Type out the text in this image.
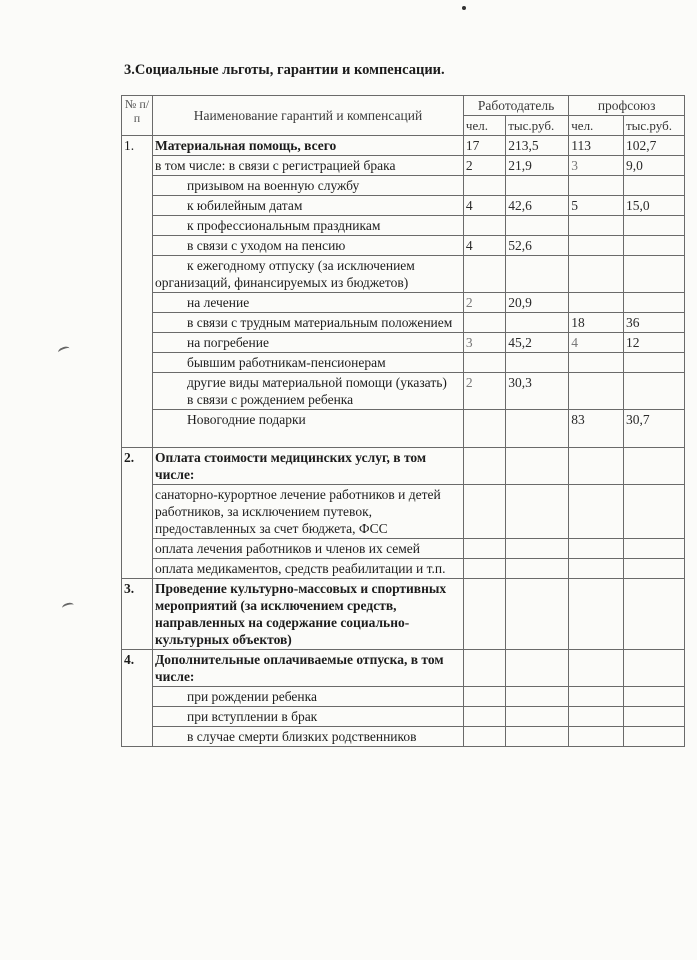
3.Социальные льготы, гарантии и компенсации.
№ п/п	Наименование гарантий и компенсаций	Работодатель		профсоюз	
		чел.	тыс.руб.	чел.	тыс.руб.
1.	Материальная помощь, всего	17	213,5	113	102,7
	в том числе: в связи с регистрацией брака	2	21,9	3	9,0
	призывом на военную службу				
	к юбилейным датам	4	42,6	5	15,0
	к профессиональным праздникам				
	в связи с уходом на пенсию	4	52,6		
	к ежегодному отпуску (за исключением организаций, финансируемых из бюджетов)				
	на лечение	2	20,9		
	в связи с трудным материальным положением			18	36
	на погребение	3	45,2	4	12
	бывшим работникам-пенсионерам				

	другие виды материальной помощи (указать)
в связи с рождением ребенка	2	30,3		
	Новогодние подарки			83	30,7
2.	Оплата стоимости медицинских услуг, в том числе:				
	санаторно-курортное лечение работников и детей работников, за исключением путевок, предоставленных за счет бюджета, ФСС				
	оплата лечения работников и членов их семей				
	оплата медикаментов, средств реабилитации и т.п.				
3.	Проведение культурно-массовых и спортивных мероприятий (за исключением средств, направленных на содержание социально-культурных объектов)				
4.	Дополнительные оплачиваемые отпуска, в том числе:				
	при рождении ребенка				
	при вступлении в брак				
	в случае смерти близких родственников				
